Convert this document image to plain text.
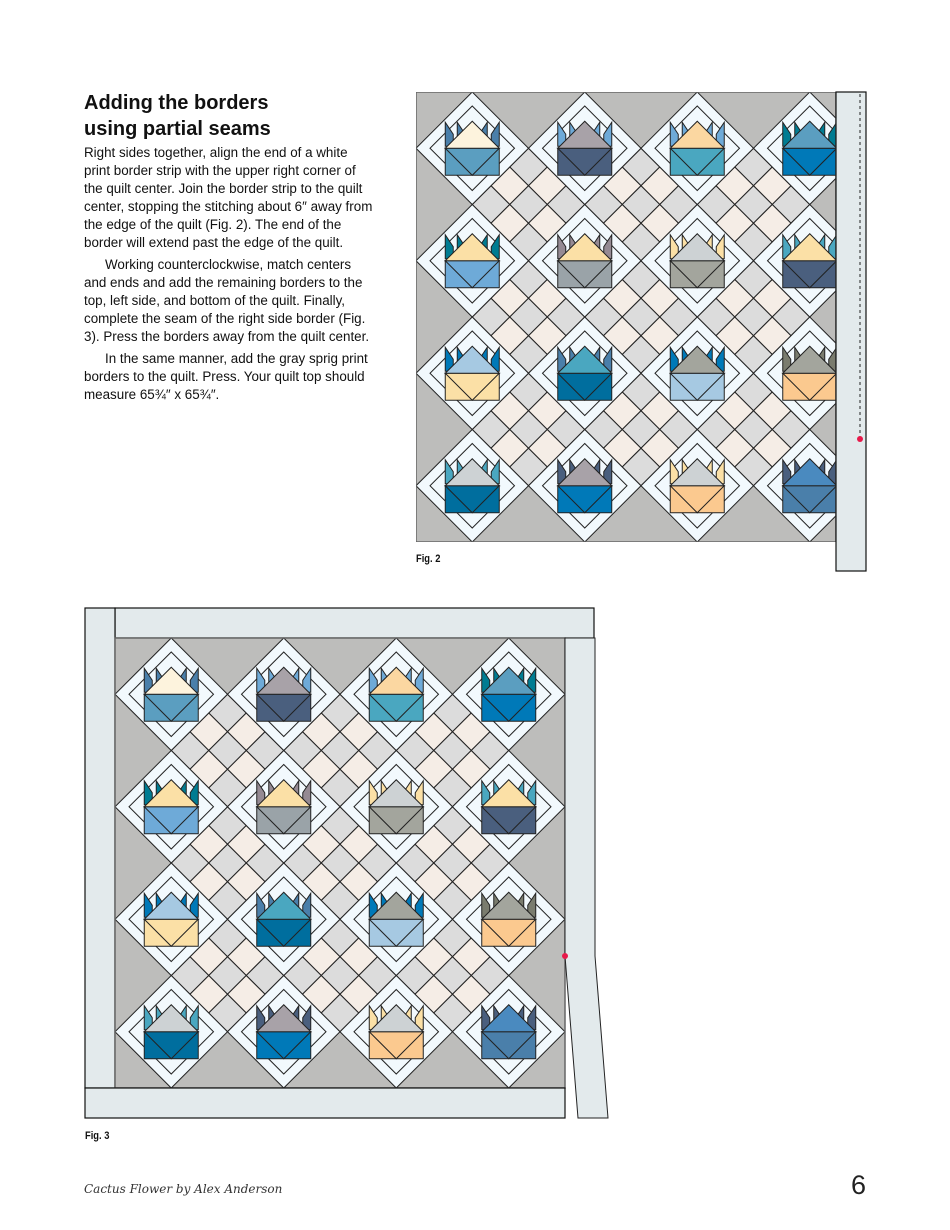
Adding the borders
using partial seams

Right sides together, align the end of a white print border strip with the upper right corner of the quilt center. Join the border strip to the quilt center, stopping the stitching about 6″ away from the edge of the quilt (Fig. 2). The end of the border will extend past the edge of the quilt.

Working counterclockwise, match centers and ends and add the remaining borders to the top, left side, and bottom of the quilt. Finally, complete the seam of the right side border (Fig. 3). Press the borders away from the quilt center.

In the same manner, add the gray sprig print borders to the quilt. Press. Your quilt top should measure 65¾″ x 65¾″.

Fig. 2
Fig. 3
Cactus Flower by Alex Anderson	6
